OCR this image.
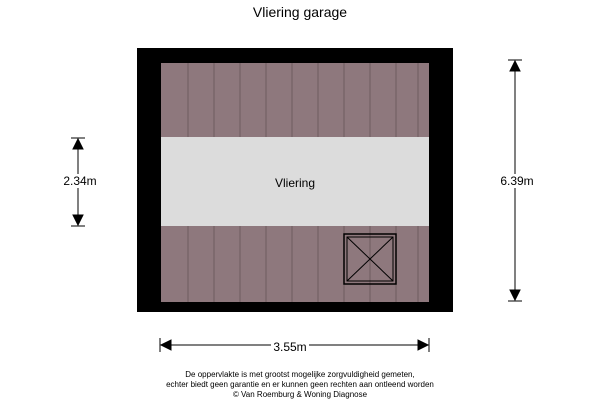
Vliering garage
Vliering
2.34m	6.39m
3.55m
De oppervlakte is met grootst mogelijke zorgvuldigheid gemeten,
echter biedt geen garantie en er kunnen geen rechten aan ontleend worden
© Van Roemburg & Woning Diagnose
